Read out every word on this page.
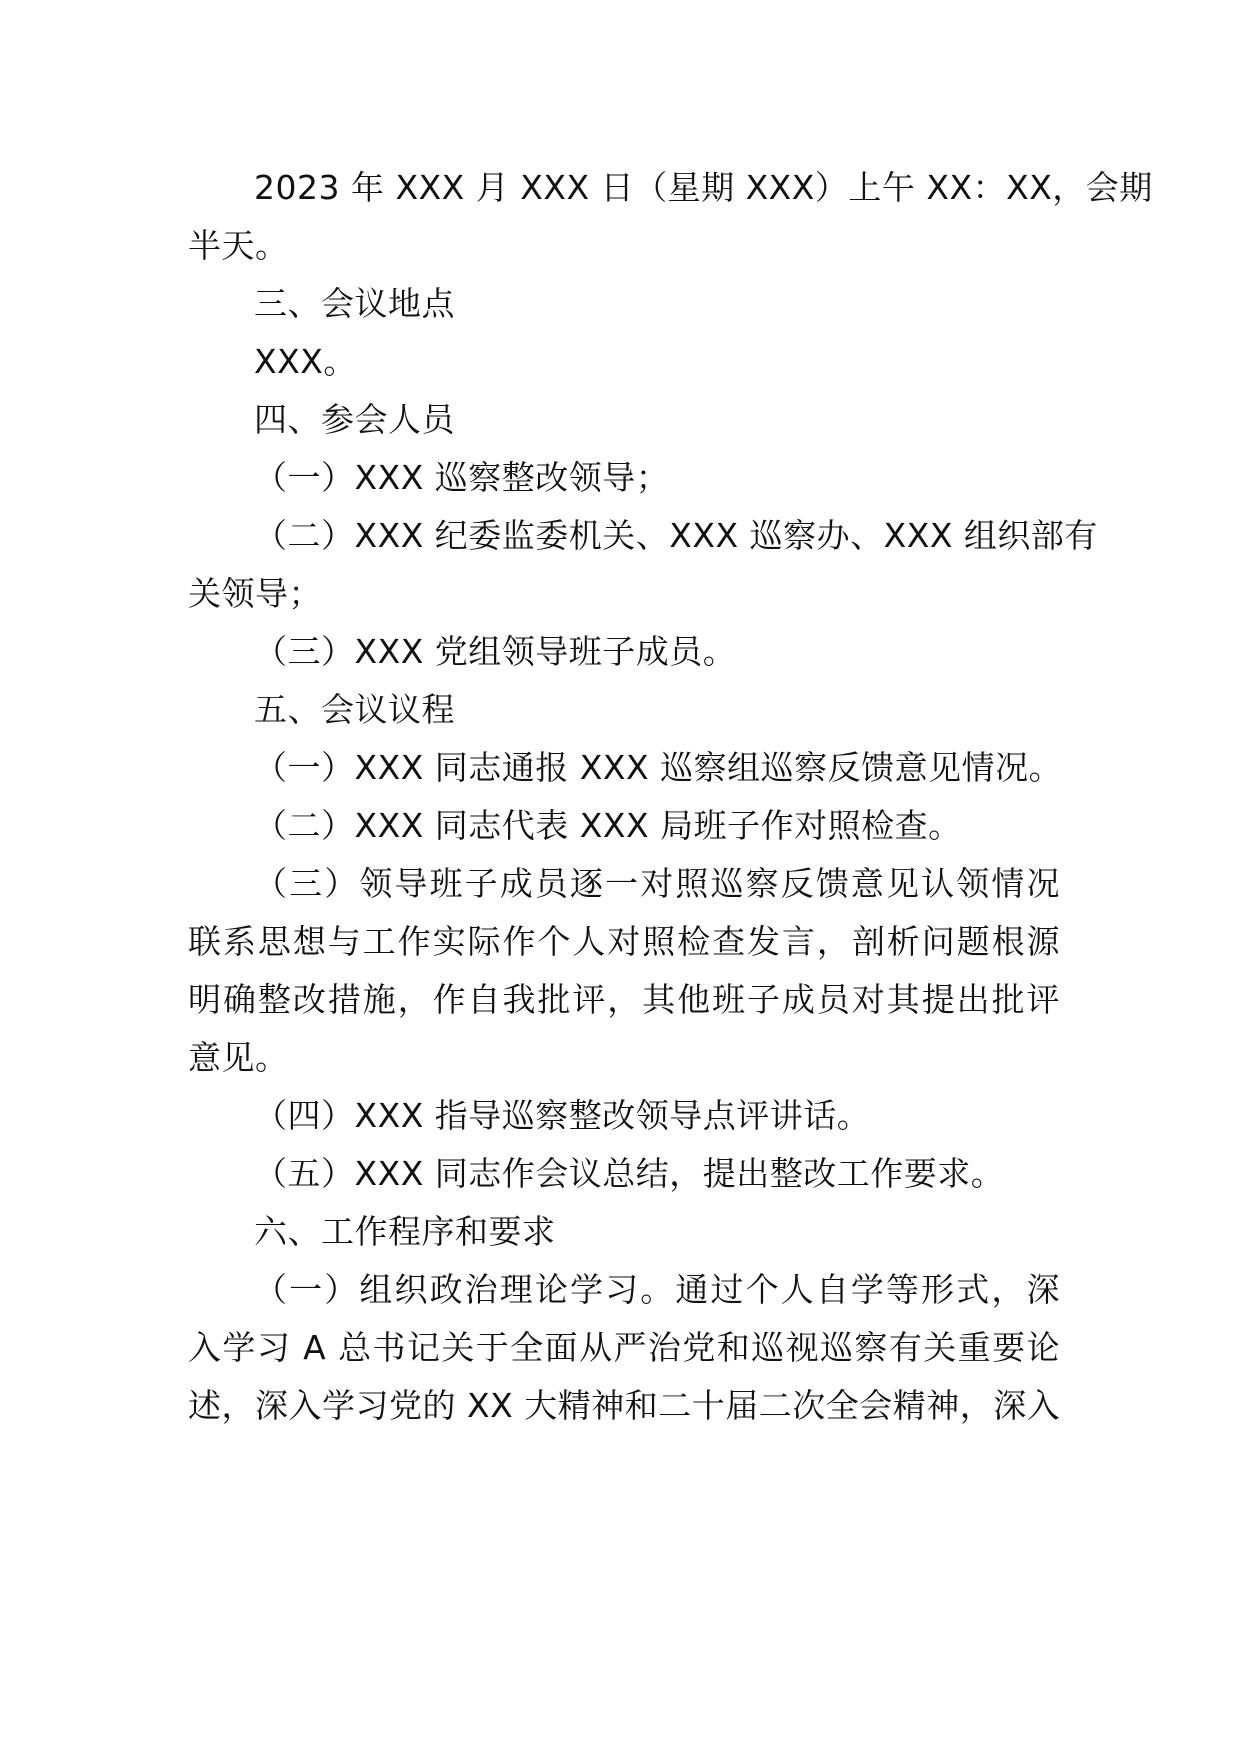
2023 年 XXX 月 XXX 日（星期 XXX）上午 XX：XX，会期
半天。
三、会议地点
XXX。
四、参会人员
（一）XXX 巡察整改领导；
（二）XXX 纪委监委机关、XXX 巡察办、XXX 组织部有
关领导；
（三）XXX 党组领导班子成员。
五、会议议程
（一）XXX 同志通报 XXX 巡察组巡察反馈意见情况。
（二）XXX 同志代表 XXX 局班子作对照检查。
（三）领导班子成员逐一对照巡察反馈意见认领情况
联系思想与工作实际作个人对照检查发言，剖析问题根源
明确整改措施，作自我批评，其他班子成员对其提出批评
意见。
（四）XXX 指导巡察整改领导点评讲话。
（五）XXX 同志作会议总结，提出整改工作要求。
六、工作程序和要求
（一）组织政治理论学习。通过个人自学等形式，深
入学习 A 总书记关于全面从严治党和巡视巡察有关重要论
述，深入学习党的 XX 大精神和二十届二次全会精神，深入
